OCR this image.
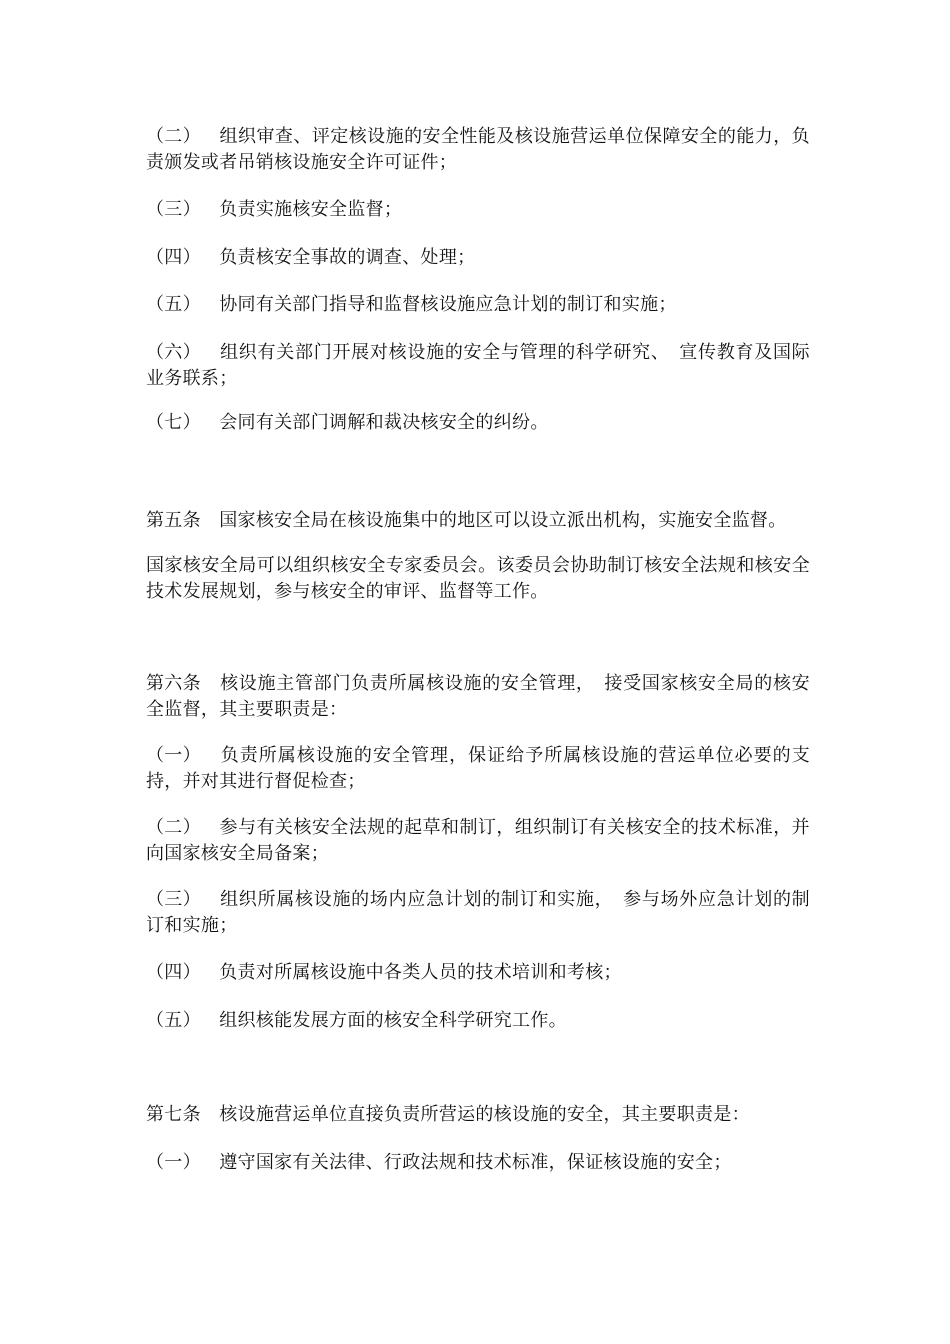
（二）　 组织审查、评定核设施的安全性能及核设施营运单位保障安全的能力，负责颁发或者吊销核设施安全许可证件；

（三）　 负责实施核安全监督；

（四）　 负责核安全事故的调查、处理；

（五）　 协同有关部门指导和监督核设施应急计划的制订和实施；

（六）　 组织有关部门开展对核设施的安全与管理的科学研究、　宣传教育及国际业务联系；

（七）　 会同有关部门调解和裁决核安全的纠纷。

第五条　 国家核安全局在核设施集中的地区可以设立派出机构，实施安全监督。

国家核安全局可以组织核安全专家委员会。该委员会协助制订核安全法规和核安全技术发展规划，参与核安全的审评、监督等工作。

第六条　 核设施主管部门负责所属核设施的安全管理，　接受国家核安全局的核安全监督，其主要职责是：

（一）　 负责所属核设施的安全管理，保证给予所属核设施的营运单位必要的支持，并对其进行督促检查；

（二）　 参与有关核安全法规的起草和制订，组织制订有关核安全的技术标准，并向国家核安全局备案；

（三）　 组织所属核设施的场内应急计划的制订和实施，　参与场外应急计划的制订和实施；

（四）　 负责对所属核设施中各类人员的技术培训和考核；

（五）　 组织核能发展方面的核安全科学研究工作。

第七条　 核设施营运单位直接负责所营运的核设施的安全，其主要职责是：

（一）　 遵守国家有关法律、行政法规和技术标准，保证核设施的安全；
